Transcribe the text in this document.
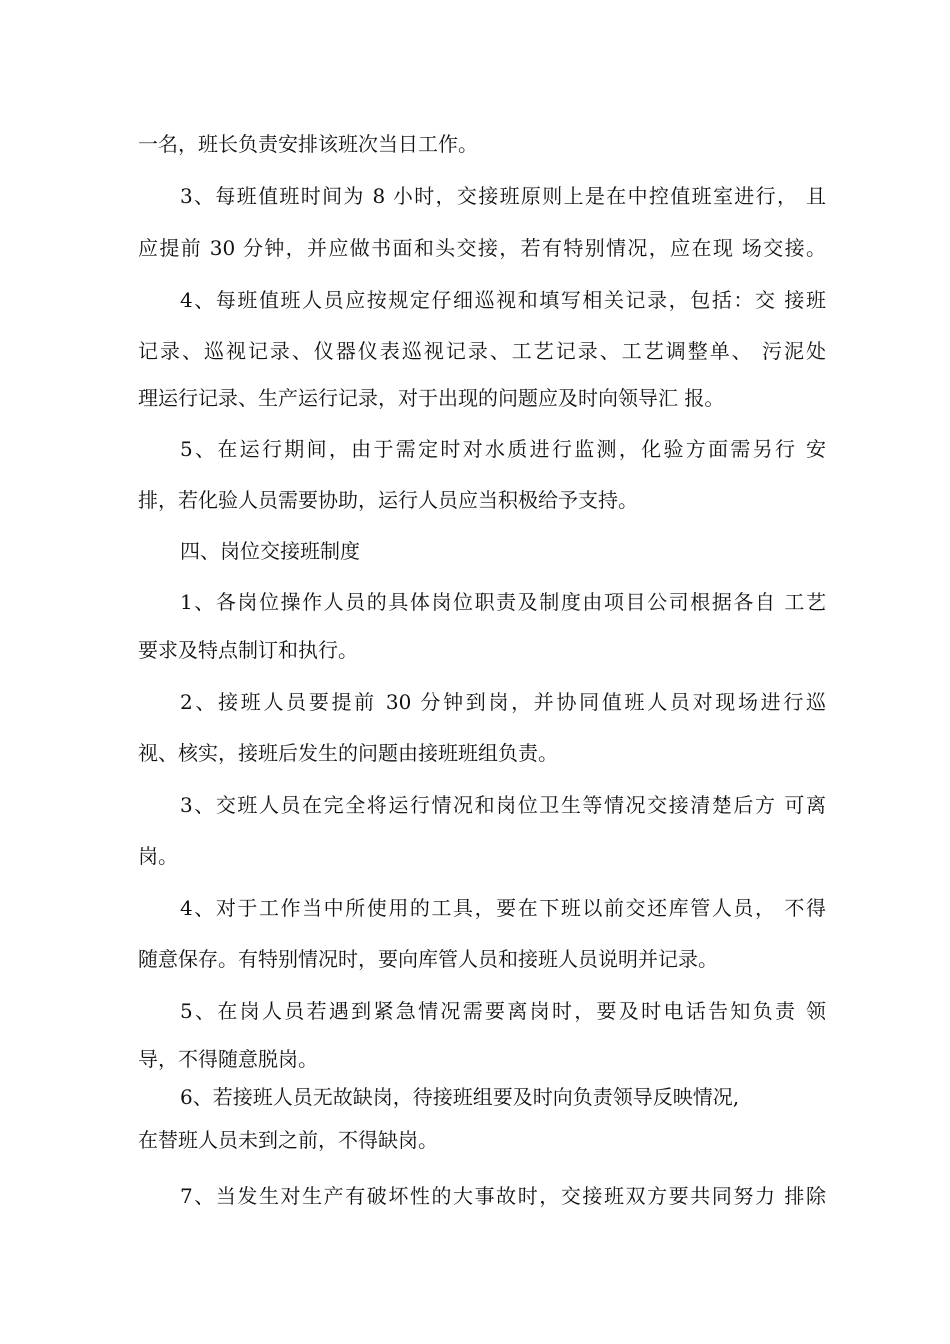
一名，班长负责安排该班次当日工作。
3、每班值班时间为 8 小时，交接班原则上是在中控值班室进行， 且
应提前 30 分钟，并应做书面和头交接，若有特别情况，应在现 场交接。
4、每班值班人员应按规定仔细巡视和填写相关记录，包括：交 接班
记录、巡视记录、仪器仪表巡视记录、工艺记录、工艺调整单、 污泥处
理运行记录、生产运行记录，对于出现的问题应及时向领导汇 报。
5、在运行期间，由于需定时对水质进行监测，化验方面需另行 安
排，若化验人员需要协助，运行人员应当积极给予支持。
四、岗位交接班制度
1、各岗位操作人员的具体岗位职责及制度由项目公司根据各自 工艺
要求及特点制订和执行。
2、接班人员要提前 30 分钟到岗，并协同值班人员对现场进行巡
视、核实，接班后发生的问题由接班班组负责。
3、交班人员在完全将运行情况和岗位卫生等情况交接清楚后方 可离
岗。
4、对于工作当中所使用的工具，要在下班以前交还库管人员， 不得
随意保存。有特别情况时，要向库管人员和接班人员说明并记录。
5、在岗人员若遇到紧急情况需要离岗时，要及时电话告知负责 领
导，不得随意脱岗。
6、若接班人员无故缺岗，待接班组要及时向负责领导反映情况,
在替班人员未到之前，不得缺岗。
7、当发生对生产有破坏性的大事故时，交接班双方要共同努力 排除
